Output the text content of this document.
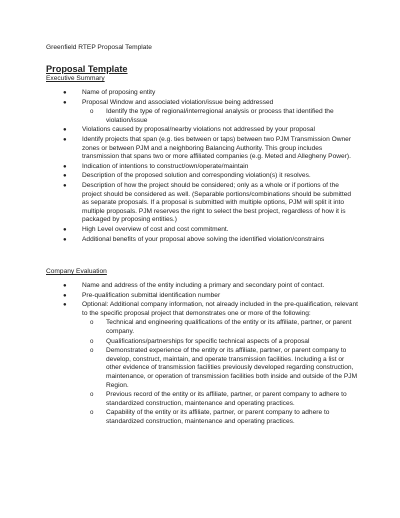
Greenfield RTEP Proposal Template
Proposal Template
Executive Summary
● Name of proposing entity
● Proposal Window and associated violation/issue being addressed
o Identify the type of regional/interregional analysis or process that identified the violation/issue
● Violations caused by proposal/nearby violations not addressed by your proposal
● Identify projects that span (e.g. ties between or taps) between two PJM Transmission Owner zones or between PJM and a neighboring Balancing Authority. This group includes transmission that spans two or more affiliated companies (e.g. Meted and Allegheny Power).
● Indication of intentions to construct/own/operate/maintain
● Description of the proposed solution and corresponding violation(s) it resolves.
● Description of how the project should be considered; only as a whole or if portions of the project should be considered as well. (Separable portions/combinations should be submitted as separate proposals. If a proposal is submitted with multiple options, PJM will split it into multiple proposals. PJM reserves the right to select the best project, regardless of how it is packaged by proposing entities.)
● High Level overview of cost and cost commitment.
● Additional benefits of your proposal above solving the identified violation/constrains
Company Evaluation
● Name and address of the entity including a primary and secondary point of contact.
● Pre-qualification submittal identification number
● Optional: Additional company information, not already included in the pre-qualification, relevant to the specific proposal project that demonstrates one or more of the following:
o Technical and engineering qualifications of the entity or its affiliate, partner, or parent company.
o Qualifications/partnerships for specific technical aspects of a proposal
o Demonstrated experience of the entity or its affiliate, partner, or parent company to develop, construct, maintain, and operate transmission facilities. Including a list or other evidence of transmission facilities previously developed regarding construction, maintenance, or operation of transmission facilities both inside and outside of the PJM Region.
o Previous record of the entity or its affiliate, partner, or parent company to adhere to standardized construction, maintenance and operating practices.
o Capability of the entity or its affiliate, partner, or parent company to adhere to standardized construction, maintenance and operating practices.
